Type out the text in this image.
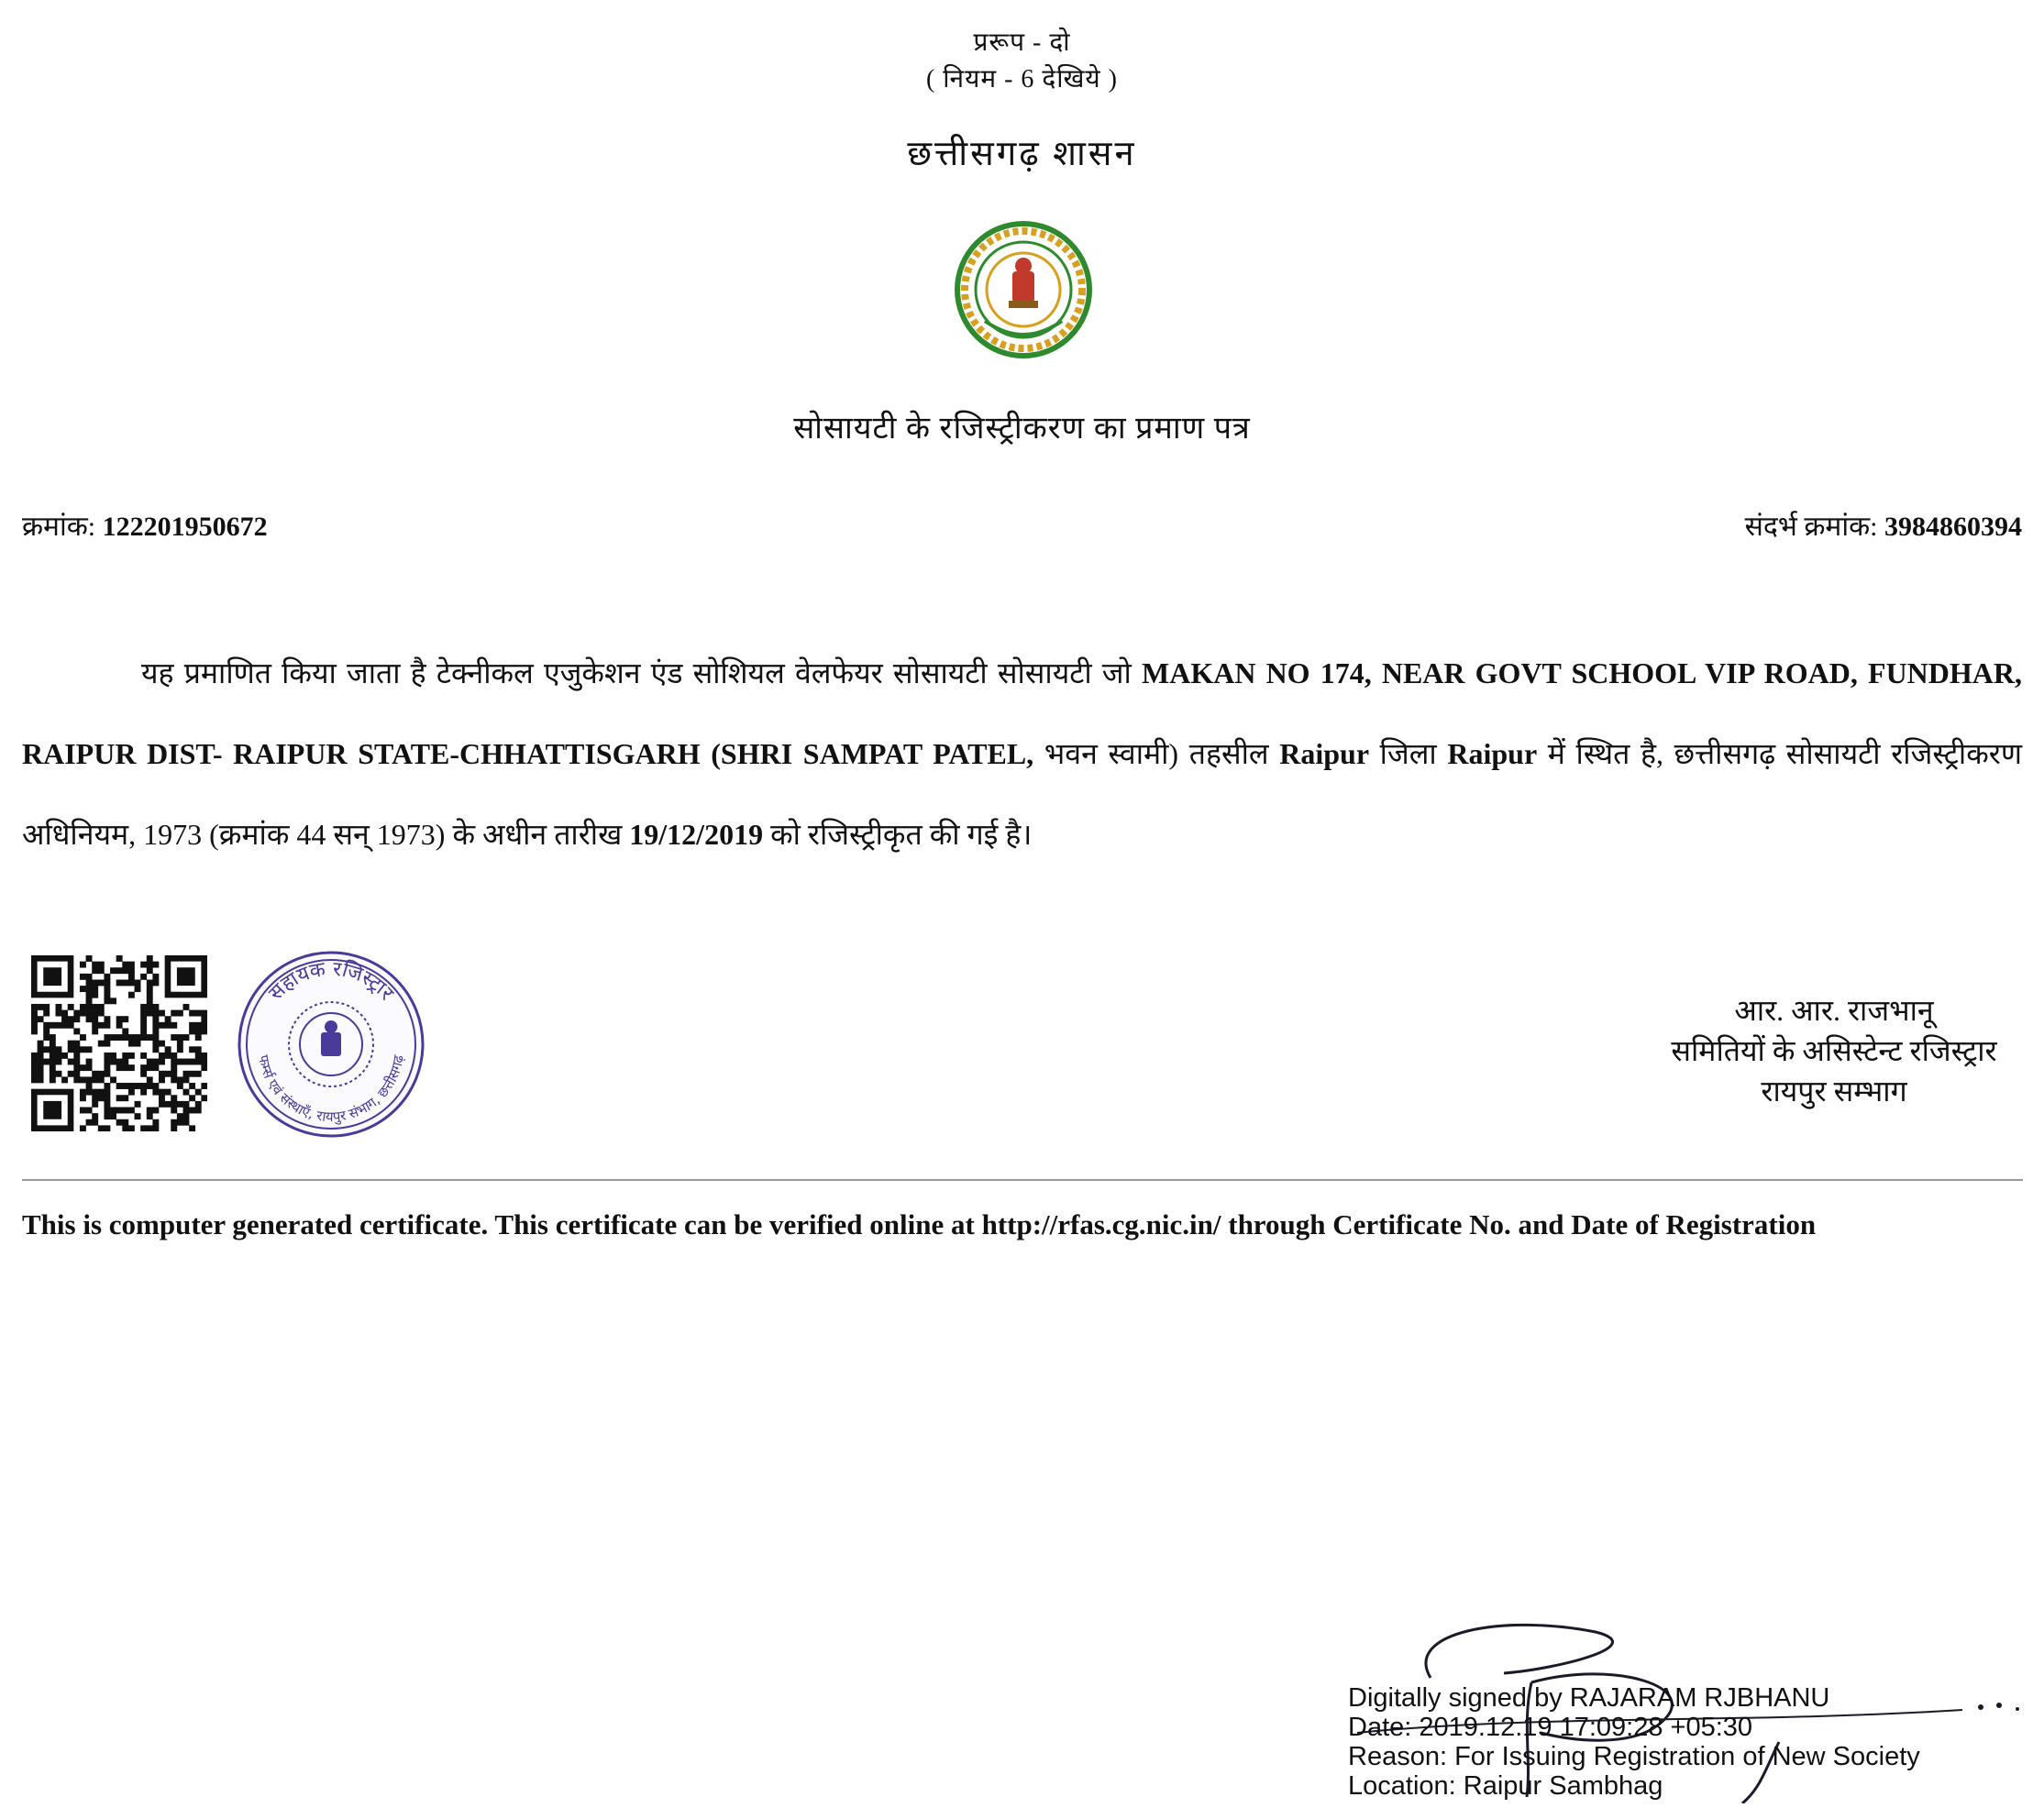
प्ररूप - दो
( नियम - 6 देखिये )
छत्तीसगढ़ शासन
सोसायटी के रजिस्ट्रीकरण का प्रमाण पत्र
क्रमांक: 122201950672	संदर्भ क्रमांक: 3984860394
यह प्रमाणित किया जाता है टेक्नीकल एजुकेशन एंड सोशियल वेलफेयर सोसायटी सोसायटी जो MAKAN NO 174, NEAR GOVT SCHOOL VIP ROAD, FUNDHAR, RAIPUR DIST- RAIPUR STATE-CHHATTISGARH (SHRI SAMPAT PATEL, भवन स्वामी) तहसील Raipur जिला Raipur में स्थित है, छत्तीसगढ़ सोसायटी रजिस्ट्रीकरण अधिनियम, 1973 (क्रमांक 44 सन् 1973) के अधीन तारीख 19/12/2019 को रजिस्ट्रीकृत की गई है।
सहायक रजिस्ट्रार
फर्म्स एवं संस्थाएँ, रायपुर संभाग, छत्तीसगढ़
आर. आर. राजभानू
समितियों के असिस्टेन्ट रजिस्ट्रार
रायपुर सम्भाग
This is computer generated certificate. This certificate can be verified online at http://rfas.cg.nic.in/ through Certificate No. and Date of Registration
Digitally signed by RAJARAM RJBHANU
Date: 2019.12.19 17:09:28 +05:30
Reason: For Issuing Registration of New Society
Location: Raipur Sambhag
